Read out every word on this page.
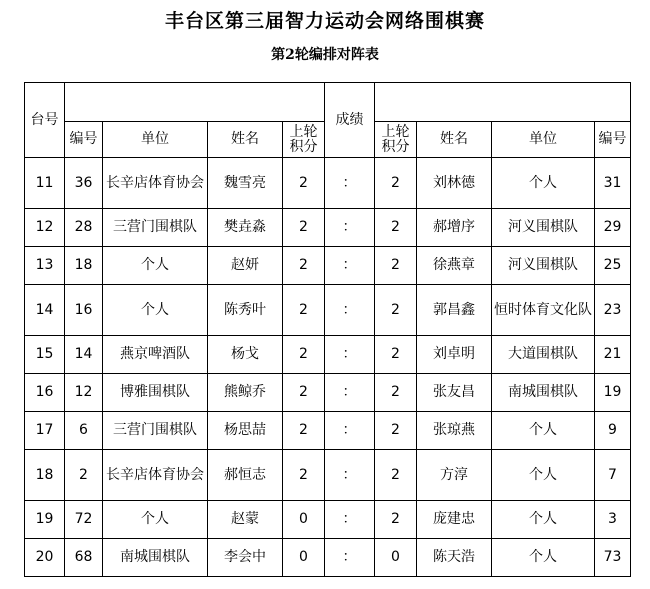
丰台区第三届智力运动会网络围棋赛
第2轮编排对阵表
台号					成绩				
	编号	单位	姓名	上轮积分		上轮积分	姓名	单位	编号
11	36	长辛店体育协会	魏雪亮	2	：	2	刘林德	个人	31
12	28	三营门围棋队	樊垚淼	2	：	2	郝增序	河义围棋队	29
13	18	个人	赵妍	2	：	2	徐燕章	河义围棋队	25
14	16	个人	陈秀叶	2	：	2	郭昌鑫	恒时体育文化队	23
15	14	燕京啤酒队	杨戈	2	：	2	刘卓明	大道围棋队	21
16	12	博雅围棋队	熊鲸乔	2	：	2	张友昌	南城围棋队	19
17	6	三营门围棋队	杨思喆	2	：	2	张琼燕	个人	9
18	2	长辛店体育协会	郝恒志	2	：	2	方淳	个人	7
19	72	个人	赵蒙	0	：	2	庞建忠	个人	3
20	68	南城围棋队	李会中	0	：	0	陈天浩	个人	73
